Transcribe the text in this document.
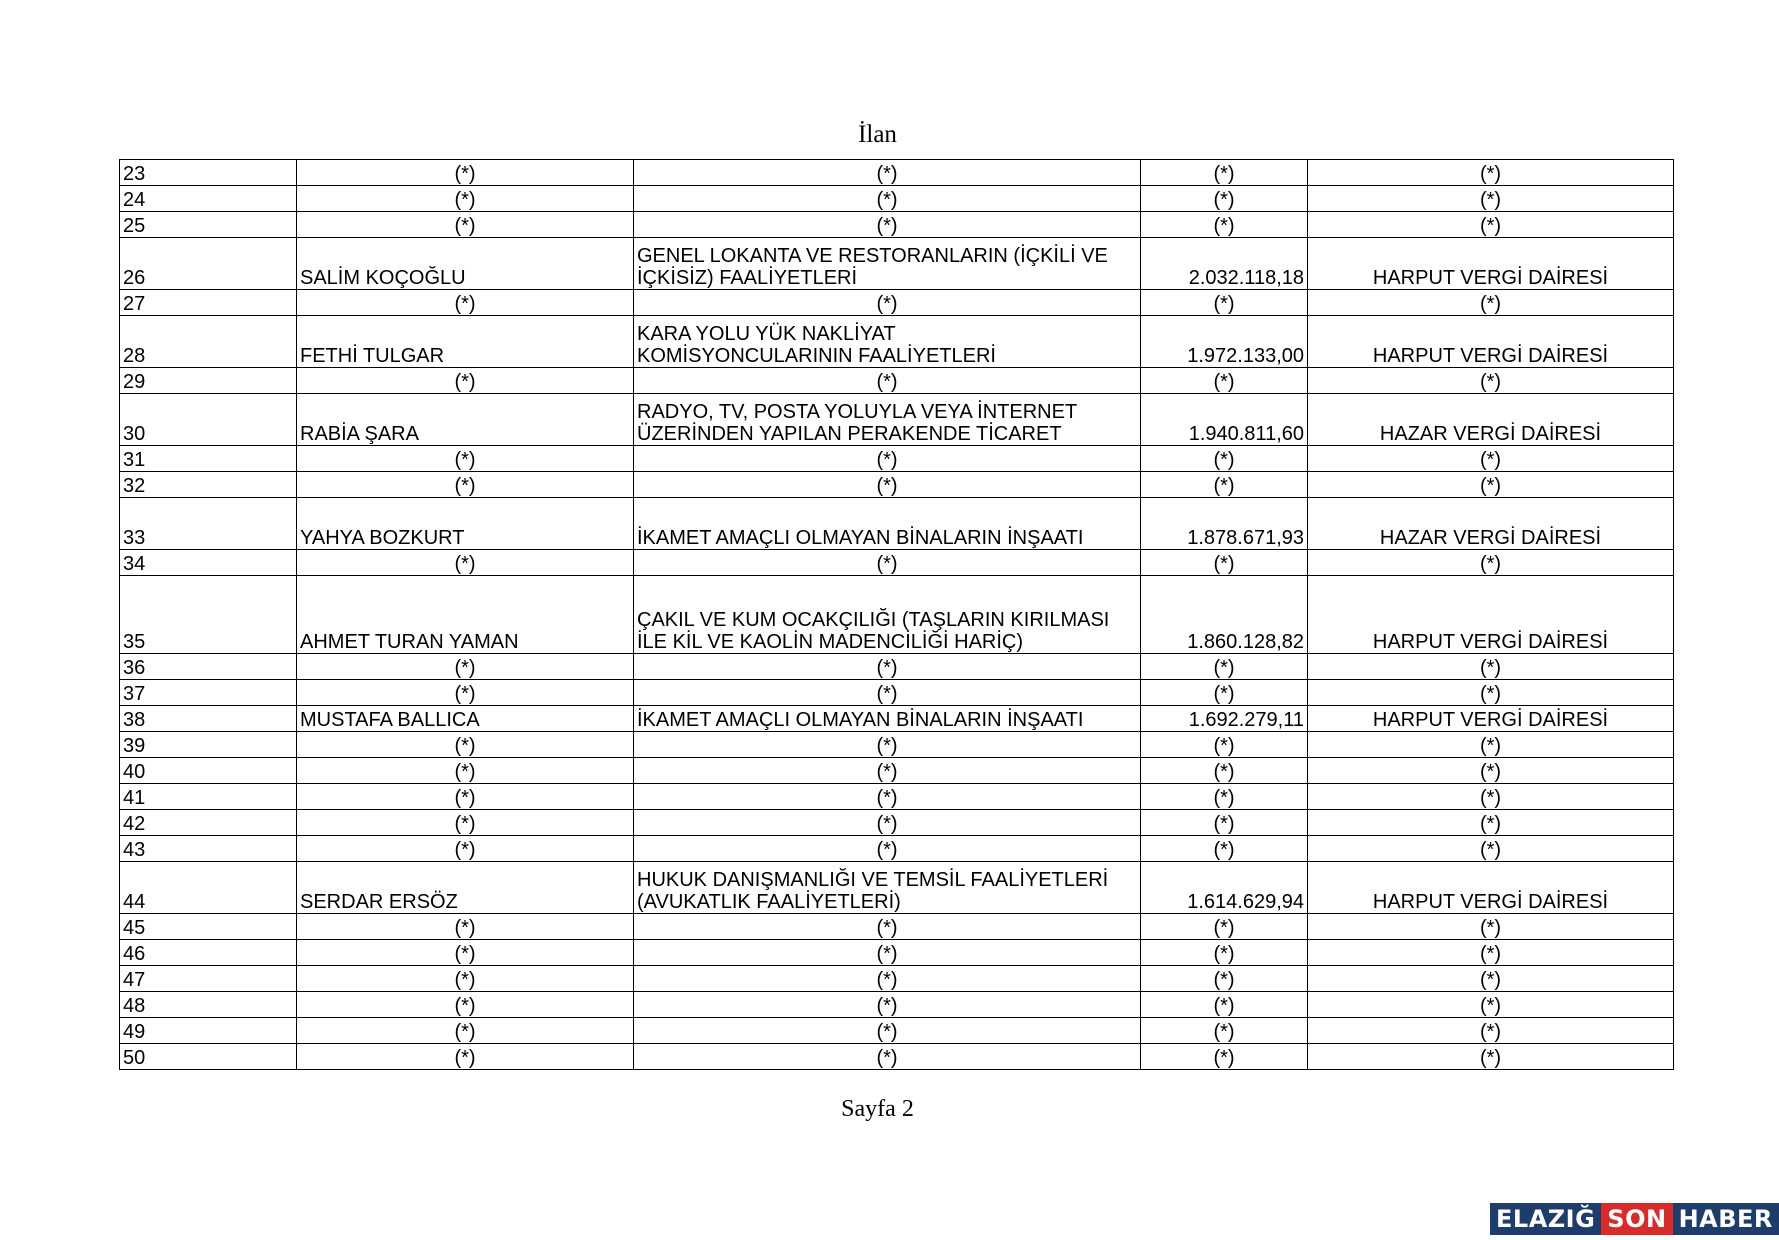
İlan
23	(*)	(*)	(*)	(*)
24	(*)	(*)	(*)	(*)
25	(*)	(*)	(*)	(*)
26	SALİM KOÇOĞLU	GENEL LOKANTA VE RESTORANLARIN (İÇKİLİ VE
İÇKİSİZ) FAALİYETLERİ	2.032.118,18	HARPUT VERGİ DAİRESİ
27	(*)	(*)	(*)	(*)
28	FETHİ TULGAR	KARA YOLU YÜK NAKLİYAT
KOMİSYONCULARININ FAALİYETLERİ	1.972.133,00	HARPUT VERGİ DAİRESİ
29	(*)	(*)	(*)	(*)
30	RABİA ŞARA	RADYO, TV, POSTA YOLUYLA VEYA İNTERNET
ÜZERİNDEN YAPILAN PERAKENDE TİCARET	1.940.811,60	HAZAR VERGİ DAİRESİ
31	(*)	(*)	(*)	(*)
32	(*)	(*)	(*)	(*)
33	YAHYA BOZKURT	İKAMET AMAÇLI OLMAYAN BİNALARIN İNŞAATI	1.878.671,93	HAZAR VERGİ DAİRESİ
34	(*)	(*)	(*)	(*)
35	AHMET TURAN YAMAN	ÇAKIL VE KUM OCAKÇILIĞI (TAŞLARIN KIRILMASI
İLE KİL VE KAOLİN MADENCİLİĞİ HARİÇ)	1.860.128,82	HARPUT VERGİ DAİRESİ
36	(*)	(*)	(*)	(*)
37	(*)	(*)	(*)	(*)
38	MUSTAFA BALLICA	İKAMET AMAÇLI OLMAYAN BİNALARIN İNŞAATI	1.692.279,11	HARPUT VERGİ DAİRESİ
39	(*)	(*)	(*)	(*)
40	(*)	(*)	(*)	(*)
41	(*)	(*)	(*)	(*)
42	(*)	(*)	(*)	(*)
43	(*)	(*)	(*)	(*)
44	SERDAR ERSÖZ	HUKUK DANIŞMANLIĞI VE TEMSİL FAALİYETLERİ
(AVUKATLIK FAALİYETLERİ)	1.614.629,94	HARPUT VERGİ DAİRESİ
45	(*)	(*)	(*)	(*)
46	(*)	(*)	(*)	(*)
47	(*)	(*)	(*)	(*)
48	(*)	(*)	(*)	(*)
49	(*)	(*)	(*)	(*)
50	(*)	(*)	(*)	(*)
Sayfa 2
ELAZIĞ SON HABER
